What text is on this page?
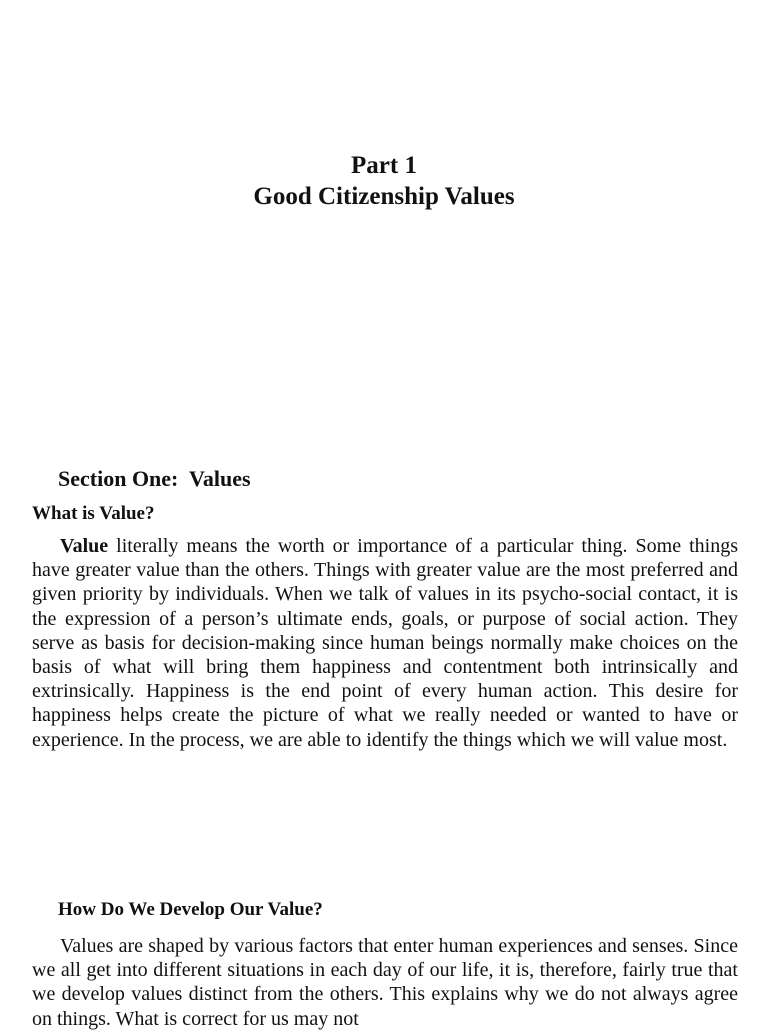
Part 1
Good Citizenship Values
Section One:  Values
What is Value?

Value literally means the worth or importance of a particular thing. Some things have greater value than the others. Things with greater value are the most preferred and given priority by individuals. When we talk of values in its psycho-social contact, it is the expression of a person’s ultimate ends, goals, or purpose of social action. They serve as basis for decision-making since human beings normally make choices on the basis of what will bring them happiness and contentment both intrinsically and extrinsically. Happiness is the end point of every human action. This desire for happiness helps create the picture of what we really needed or wanted to have or experience. In the process, we are able to identify the things which we will value most.

How Do We Develop Our Value?

Values are shaped by various factors that enter human experiences and senses. Since we all get into different situations in each day of our life, it is, therefore, fairly true that we develop values distinct from the others. This explains why we do not always agree on things. What is correct for us may not
